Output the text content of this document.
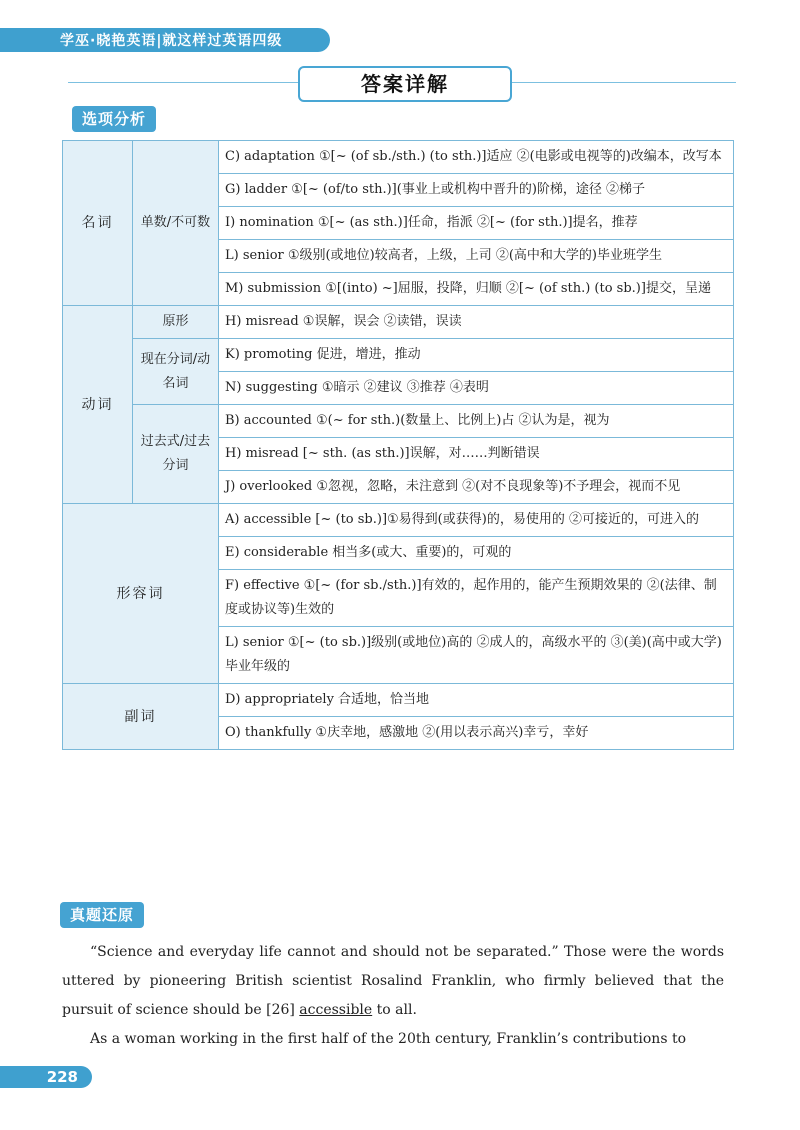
学巫·晓艳英语|就这样过英语四级
答案详解
选项分析
名词	单数/不可数	C) adaptation ①[~ (of sb./sth.) (to sth.)]适应 ②(电影或电视等的)改编本，改写本
		G) ladder ①[~ (of/to sth.)](事业上或机构中晋升的)阶梯，途径 ②梯子
		I) nomination ①[~ (as sth.)]任命，指派 ②[~ (for sth.)]提名，推荐
		L) senior ①级别(或地位)较高者，上级，上司 ②(高中和大学的)毕业班学生
		M) submission ①[(into) ~]屈服，投降，归顺 ②[~ (of sth.) (to sb.)]提交，呈递
动词	原形	H) misread ①误解，误会 ②读错，误读
	现在分词/动名词	K) promoting 促进，增进，推动
		N) suggesting ①暗示 ②建议 ③推荐 ④表明
	过去式/过去分词	B) accounted ①(~ for sth.)(数量上、比例上)占 ②认为是，视为
		H) misread [~ sth. (as sth.)]误解，对……判断错误
		J) overlooked ①忽视，忽略，未注意到 ②(对不良现象等)不予理会，视而不见
形容词		A) accessible [~ (to sb.)]①易得到(或获得)的，易使用的 ②可接近的，可进入的
		E) considerable 相当多(或大、重要)的，可观的
		F) effective ①[~ (for sb./sth.)]有效的，起作用的，能产生预期效果的 ②(法律、制度或协议等)生效的
		L) senior ①[~ (to sb.)]级别(或地位)高的 ②成人的，高级水平的 ③(美)(高中或大学)毕业年级的
副词		D) appropriately 合适地，恰当地
		O) thankfully ①庆幸地，感激地 ②(用以表示高兴)幸亏，幸好
真题还原

“Science and everyday life cannot and should not be separated.” Those were the words uttered by pioneering British scientist Rosalind Franklin, who firmly believed that the pursuit of science should be [26] accessible to all.

As a woman working in the first half of the 20th century, Franklin’s contributions to

228
